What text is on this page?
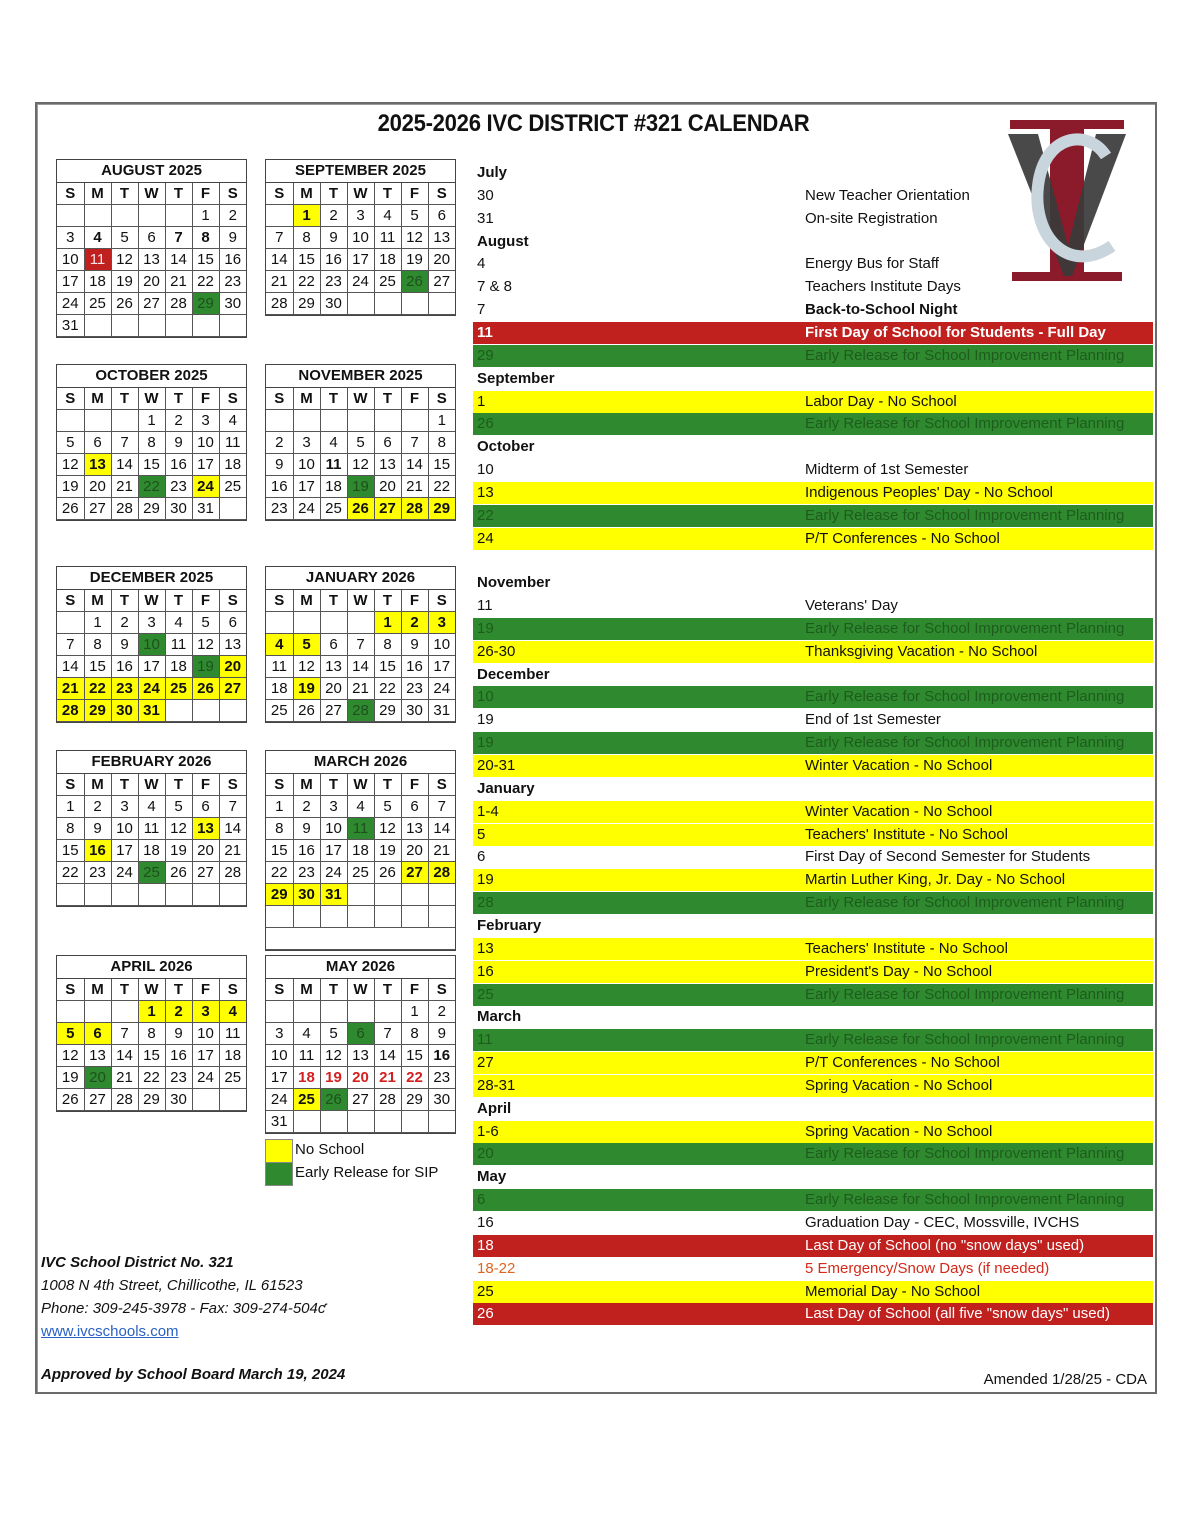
2025-2026 IVC DISTRICT #321 CALENDAR
AUGUST 2025
S	M	T	W	T	F	S
					1	2
3	4	5	6	7	8	9
10	11	12	13	14	15	16
17	18	19	20	21	22	23
24	25	26	27	28	29	30
31						
SEPTEMBER 2025
S	M	T	W	T	F	S
	1	2	3	4	5	6
7	8	9	10	11	12	13
14	15	16	17	18	19	20
21	22	23	24	25	26	27
28	29	30				
OCTOBER 2025
S	M	T	W	T	F	S
			1	2	3	4
5	6	7	8	9	10	11
12	13	14	15	16	17	18
19	20	21	22	23	24	25
26	27	28	29	30	31	
NOVEMBER 2025
S	M	T	W	T	F	S
						1
2	3	4	5	6	7	8
9	10	11	12	13	14	15
16	17	18	19	20	21	22
23	24	25	26	27	28	29
DECEMBER 2025
S	M	T	W	T	F	S
	1	2	3	4	5	6
7	8	9	10	11	12	13
14	15	16	17	18	19	20
21	22	23	24	25	26	27
28	29	30	31			
JANUARY 2026
S	M	T	W	T	F	S
				1	2	3
4	5	6	7	8	9	10
11	12	13	14	15	16	17
18	19	20	21	22	23	24
25	26	27	28	29	30	31
FEBRUARY 2026
S	M	T	W	T	F	S
1	2	3	4	5	6	7
8	9	10	11	12	13	14
15	16	17	18	19	20	21
22	23	24	25	26	27	28

MARCH 2026
S	M	T	W	T	F	S
1	2	3	4	5	6	7
8	9	10	11	12	13	14
15	16	17	18	19	20	21
22	23	24	25	26	27	28
29	30	31				

APRIL 2026
S	M	T	W	T	F	S
			1	2	3	4
5	6	7	8	9	10	11
12	13	14	15	16	17	18
19	20	21	22	23	24	25
26	27	28	29	30		
MAY 2026
S	M	T	W	T	F	S
					1	2
3	4	5	6	7	8	9
10	11	12	13	14	15	16
17	18	19	20	21	22	23
24	25	26	27	28	29	30
31						
No School
Early Release for SIP
July
30	New Teacher Orientation
31	On-site Registration
August
4	Energy Bus for Staff
7 & 8	Teachers Institute Days
7	Back-to-School Night
11	First Day of School for Students - Full Day
29	Early Release for School Improvement Planning
September
1	Labor Day - No School
26	Early Release for School Improvement Planning
October
10	Midterm of 1st Semester
13	Indigenous Peoples' Day - No School
22	Early Release for School Improvement Planning
24	P/T Conferences - No School
November
11	Veterans' Day
19	Early Release for School Improvement Planning
26-30	Thanksgiving Vacation - No School
December
10	Early Release for School Improvement Planning
19	End of 1st Semester
19	Early Release for School Improvement Planning
20-31	Winter Vacation - No School
January
1-4	Winter Vacation - No School
5	Teachers' Institute - No School
6	First Day of Second Semester for Students
19	Martin Luther King, Jr. Day - No School
28	Early Release for School Improvement Planning
February
13	Teachers' Institute - No School
16	President's Day - No School
25	Early Release for School Improvement Planning
March
11	Early Release for School Improvement Planning
27	P/T Conferences - No School
28-31	Spring Vacation - No School
April
1-6	Spring Vacation - No School
20	Early Release for School Improvement Planning
May
6	Early Release for School Improvement Planning
16	Graduation Day - CEC, Mossville, IVCHS
18	Last Day of School (no "snow days" used)
18-22	5 Emergency/Snow Days (if needed)
25	Memorial Day - No School
26	Last Day of School (all five "snow days" used)
IVC School District No. 321
1008 N 4th Street, Chillicothe, IL 61523
Phone: 309-245-3978 - Fax: 309-274-504ƈ
www.ivcschools.com
Approved by School Board March 19, 2024	Amended 1/28/25 - CDA
